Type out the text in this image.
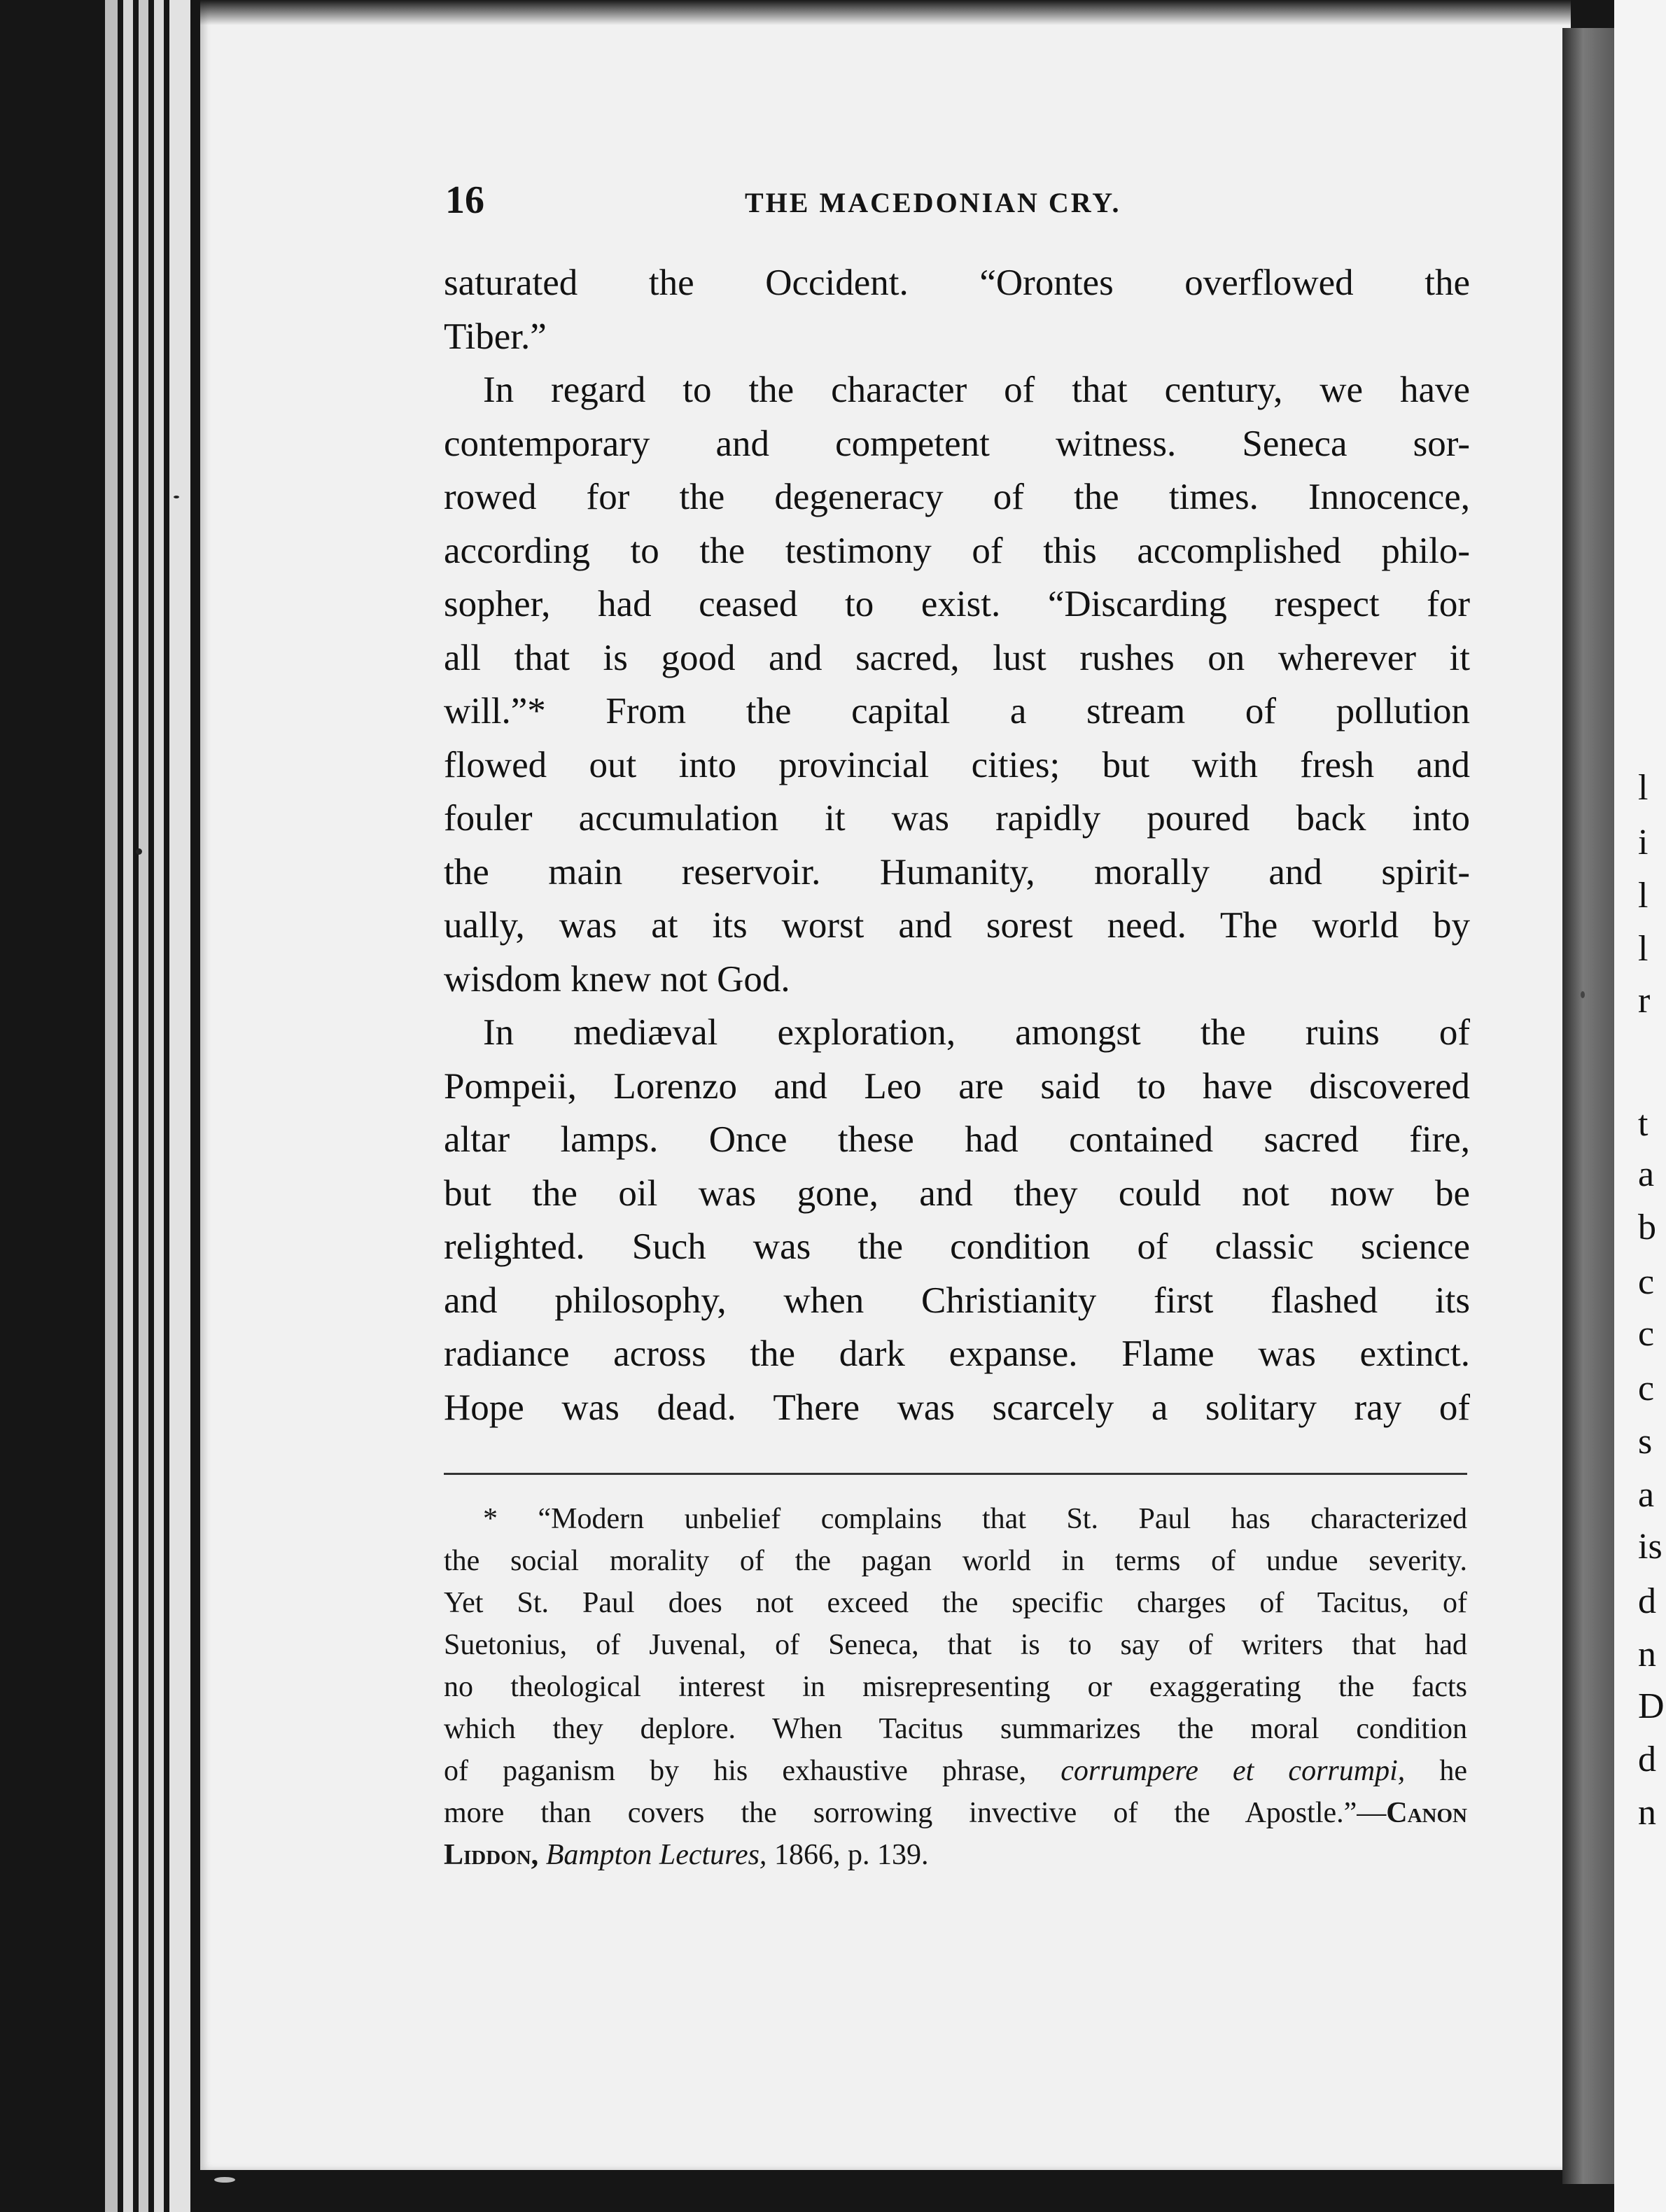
l
i
l
l
r
t
a
b
c
c
c
s
a
is
d
n
D
d
n
16	THE MACEDONIAN CRY.
saturated the Occident. “Orontes overflowed the
Tiber.”
In regard to the character of that century, we have
contemporary and competent witness. Seneca sor-
rowed for the degeneracy of the times. Innocence,
according to the testimony of this accomplished philo-
sopher, had ceased to exist. “Discarding respect for
all that is good and sacred, lust rushes on wherever it
will.”* From the capital a stream of pollution
flowed out into provincial cities; but with fresh and
fouler accumulation it was rapidly poured back into
the main reservoir. Humanity, morally and spirit-
ually, was at its worst and sorest need. The world by
wisdom knew not God.
In mediæval exploration, amongst the ruins of
Pompeii, Lorenzo and Leo are said to have discovered
altar lamps. Once these had contained sacred fire,
but the oil was gone, and they could not now be
relighted. Such was the condition of classic science
and philosophy, when Christianity first flashed its
radiance across the dark expanse. Flame was extinct.
Hope was dead. There was scarcely a solitary ray of
* “Modern unbelief complains that St. Paul has characterized
the social morality of the pagan world in terms of undue severity.
Yet St. Paul does not exceed the specific charges of Tacitus, of
Suetonius, of Juvenal, of Seneca, that is to say of writers that had
no theological interest in misrepresenting or exaggerating the facts
which they deplore. When Tacitus summarizes the moral condition
of paganism by his exhaustive phrase, corrumpere et corrumpi, he
more than covers the sorrowing invective of the Apostle.”—Canon
Liddon, Bampton Lectures, 1866, p. 139.
